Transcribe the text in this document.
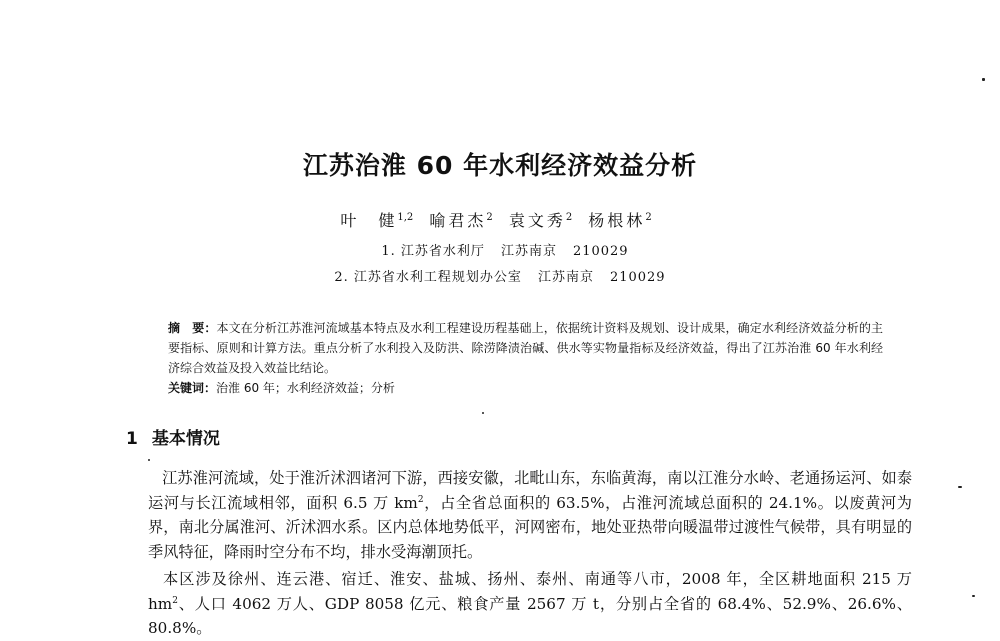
江苏治淮 60 年水利经济效益分析
叶　健$^{1,2}$ 喻君杰$^2$ 袁文秀$^2$ 杨根林$^2$
1. 江苏省水利厅 江苏南京 210029
2. 江苏省水利工程规划办公室 江苏南京 210029
摘　要：本文在分析江苏淮河流域基本特点及水利工程建设历程基础上，依据统计资料及规划、设计成果，确定水利经济效益分析的主要指标、原则和计算方法。重点分析了水利投入及防洪、除涝降渍治碱、供水等实物量指标及经济效益，得出了江苏治淮 60 年水利经济综合效益及投入效益比结论。
关键词：治淮 60 年；水利经济效益；分析
1 基本情况
江苏淮河流域，处于淮沂沭泗诸河下游，西接安徽，北毗山东，东临黄海，南以江淮分水岭、老通扬运河、如泰运河与长江流域相邻，面积 6.5 万 $km^2$，占全省总面积的 63.5%，占淮河流域总面积的 24.1%。以废黄河为界，南北分属淮河、沂沭泗水系。区内总体地势低平，河网密布，地处亚热带向暖温带过渡性气候带，具有明显的季风特征，降雨时空分布不均，排水受海潮顶托。
本区涉及徐州、连云港、宿迁、淮安、盐城、扬州、泰州、南通等八市，2008 年，全区耕地面积 215 万 $hm^2$、人口 4062 万人、GDP 8058 亿元、粮食产量 2567 万 t，分别占全省的 68.4%、52.9%、26.6%、80.8%。
